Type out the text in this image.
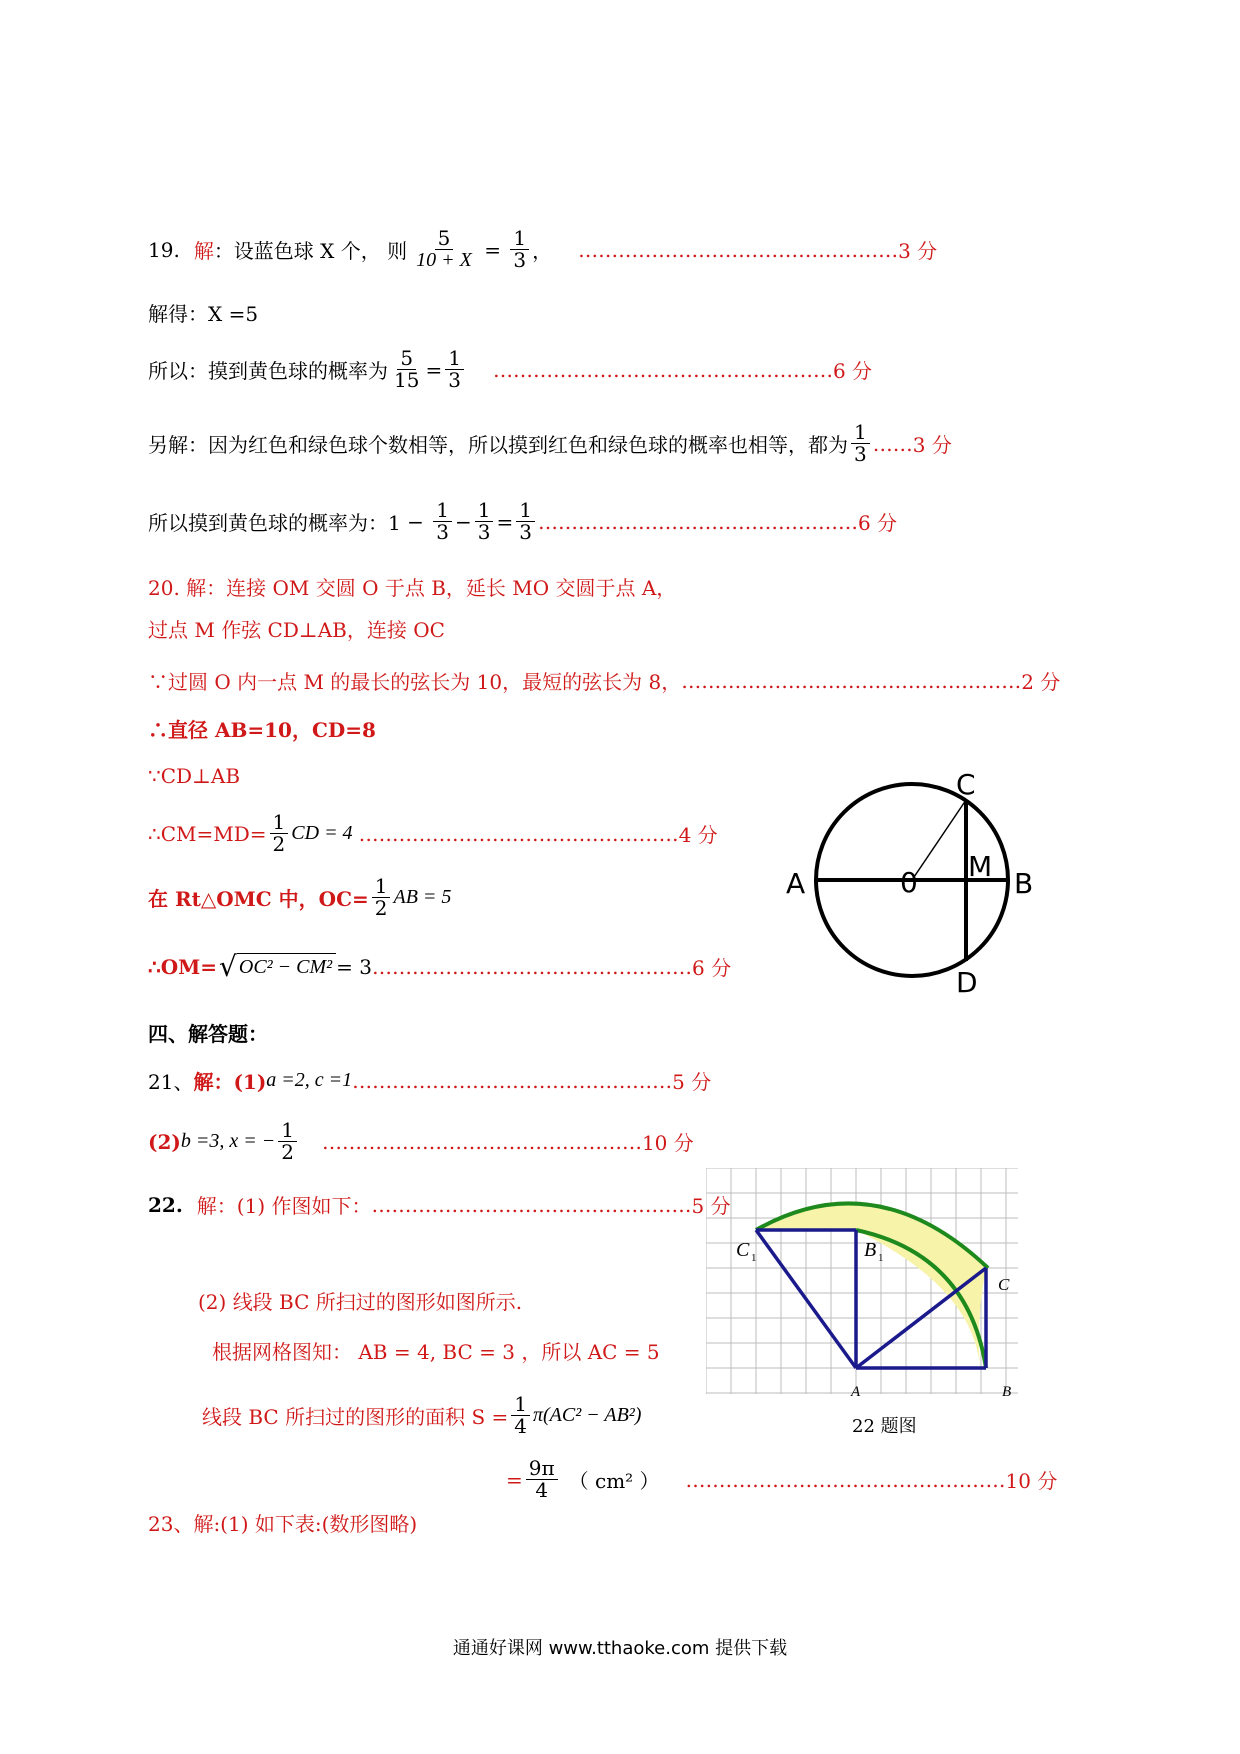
19. 解 ：设蓝色球 X 个， 则 $\frac{5}{10 + X} = \frac{1}{3}$ ， ………………………………………… 3 分
解得：X =5
所以：摸到黄色球的概率为 $\frac{5}{15} = \frac{1}{3}$ …………………………………………… 6 分
另解：因为红色和绿色球个数相等，所以摸到红色和绿色球的概率也相等，都为 $\frac{1}{3}$ …… 3 分
所以摸到黄色球的概率为：$1 - \frac{1}{3} - \frac{1}{3} = \frac{1}{3}$ ………………………………………… 6 分
20. 解：连接 OM 交圆 O 于点 B，延长 MO 交圆于点 A，
过点 M 作弦 CD⊥AB，连接 OC
∵过圆 O 内一点 M 的最长的弦长为 10，最短的弦长为 8， …………………………………………… 2 分
∴直径 AB=10，CD=8
∵CD⊥AB
∴CM=MD= $\frac{1}{2}$ CD = 4 ………………………………………… 4 分
在 Rt△OMC 中，$OC= \frac{1}{2}$ AB = 5
∴OM= √ OC² − CM² = 3 ………………………………………… 6 分
A	B
C
D
0 M
四、解答题：
21、 解：(1) a =2, c =1 ………………………………………… 5 分
(2) b =3, x = − $\frac{1}{2}$ ………………………………………… 10 分
22. 解：(1) 作图如下： ………………………………………… 5 分
(2) 线段 BC 所扫过的图形如图所示.
根据网格图知： AB = 4, BC = 3 ，所以 AC = 5
线段 BC 所扫过的图形的面积 $S = \frac{1}{4} \pi(AC^2 - AB^2)$
= $\frac{9\pi}{4}$ （ cm² ） ………………………………………… 10 分
C 1	B 1
C
A	B
22 题图
23、解:(1) 如下表:(数形图略)
通通好课网 www.tthaoke.com 提供下载
